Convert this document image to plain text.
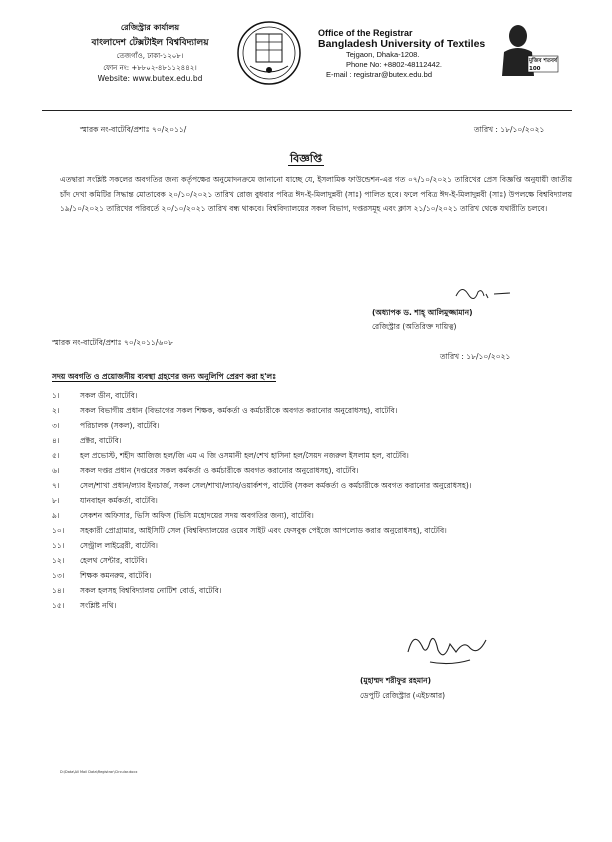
রেজিস্ট্রার কার্যালয়
বাংলাদেশ টেক্সটাইল বিশ্ববিদ্যালয়
তেজগাঁও, ঢাকা-১২০৮।
ফোন নং: +৮৮০২-৪৮১১২৪৪২।
Website: www.butex.edu.bd
Office of the Registrar
Bangladesh University of Textiles
Tejgaon, Dhaka-1208.
Phone No: +8802-48112442.
E-mail : registrar@butex.edu.bd
মুজিব শতবর্ষ 100
স্মারক নং-বাটেবি/প্রশাঃ ৭০/২০১১/	তারিখ : ১৮/১০/২০২১
বিজ্ঞপ্তি
এতদ্বারা সংশ্লিষ্ট সকলের অবগতির জন্য কর্তৃপক্ষের অনুমোদনক্রমে জানানো যাচ্ছে যে, ইসলামিক ফাউন্ডেশন-এর গত ০৭/১০/২০২১ তারিখের প্রেস বিজ্ঞপ্তি অনুযায়ী জাতীয় চাঁদ দেখা কমিটির সিদ্ধান্ত মোতাবেক ২০/১০/২০২১ তারিখ রোজ বুধবার পবিত্র ঈদ-ই-মিলাদুন্নবী (সাঃ) পালিত হবে। ফলে পবিত্র ঈদ-ই-মিলাদুন্নবী (সাঃ) উপলক্ষে বিশ্ববিদ্যালয় ১৯/১০/২০২১ তারিখের পরিবর্তে ২০/১০/২০২১ তারিখ বন্ধ থাকবে। বিশ্ববিদ্যালয়ের সকল বিভাগ, দপ্তরসমূহ এবং ক্লাস ২১/১০/২০২১ তারিখ থেকে যথারীতি চলবে।
(অধ্যাপক ড. শাহ্ আলিমুজ্জামান)
রেজিস্ট্রার (অতিরিক্ত দায়িত্ব)
স্মারক নং-বাটেবি/প্রশাঃ ৭০/২০১১/৬০৮
তারিখ : ১৮/১০/২০২১
সদয় অবগতি ও প্রয়োজনীয় ব্যবস্থা গ্রহণের জন্য অনুলিপি প্রেরণ করা হ'লঃ
১।	সকল ডীন, বাটেবি।
২।	সকল বিভাগীয় প্রধান (বিভাগের সকল শিক্ষক, কর্মকর্তা ও কর্মচারীকে অবগত করানোর অনুরোধসহ), বাটেবি।
৩।	পরিচালক (সকল), বাটেবি।
৪।	প্রক্টর, বাটেবি।
৫।	হল প্রভোস্ট, শহীদ আজিজ হল/জি এম এ জি ওসমানী হল/শেখ হাসিনা হল/সৈয়দ নজরুল ইসলাম হল, বাটেবি।
৬।	সকল দপ্তর প্রধান (দপ্তরের সকল কর্মকর্তা ও কর্মচারীকে অবগত করানোর অনুরোধসহ), বাটেবি।
৭।	সেল/শাখা প্রধান/ল্যাব ইনচার্জ, সকল সেল/শাখা/ল্যাব/ওয়ার্কশপ, বাটেবি (সকল কর্মকর্তা ও কর্মচারীকে অবগত করানোর অনুরোধসহ)।
৮।	যানবাহন কর্মকর্তা, বাটেবি।
৯।	সেকশন অফিসার, ভিসি অফিস (ভিসি মহোদয়ের সদয় অবগতির জন্য), বাটেবি।
১০।	সহকারী প্রোগ্রামার, আইসিটি সেল (বিশ্ববিদ্যালয়ের ওয়েব সাইট এবং ফেসবুক পেইজে আপলোড করার অনুরোধসহ), বাটেবি।
১১।	সেন্ট্রাল লাইব্রেরী, বাটেবি।
১২।	হেলথ সেন্টার, বাটেবি।
১৩।	শিক্ষক কমনরুম, বাটেবি।
১৪।	সকল হলসহ বিশ্ববিদ্যালয় নোটিশ বোর্ড, বাটেবি।
১৫।	সংশ্লিষ্ট নথি।
(মুহাম্মদ শরীফুর রহমান)
ডেপুটি রেজিস্ট্রার (এইচআর)
D:\Data\All Mail Data\Registrar\Circular.docx
